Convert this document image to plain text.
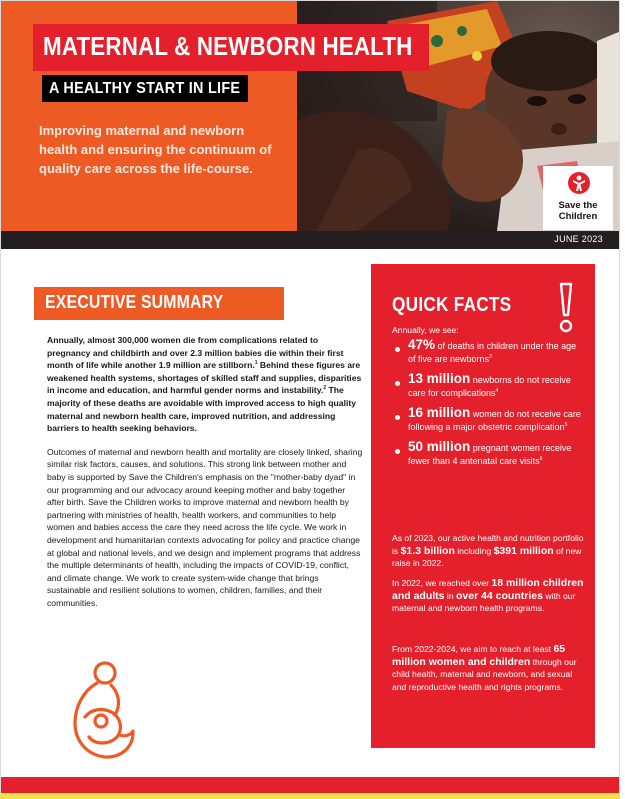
MATERNAL & NEWBORN HEALTH
A HEALTHY START IN LIFE
Improving maternal and newborn health and ensuring the continuum of quality care across the life-course.
Save the Children
JUNE 2023
EXECUTIVE SUMMARY

Annually, almost 300,000 women die from complications related to pregnancy and childbirth and over 2.3 million babies die within their first month of life while another 1.9 million are stillborn.$^1$ Behind these figures are weakened health systems, shortages of skilled staff and supplies, disparities in income and education, and harmful gender norms and instability.$^2$ The majority of these deaths are avoidable with improved access to high quality maternal and newborn health care, improved nutrition, and addressing barriers to health seeking behaviors.

Outcomes of maternal and newborn health and mortality are closely linked, sharing similar risk factors, causes, and solutions. This strong link between mother and baby is supported by Save the Children's emphasis on the "mother-baby dyad" in our programming and our advocacy around keeping mother and baby together after birth. Save the Children works to improve maternal and newborn health by partnering with ministries of health, health workers, and communities to help women and babies access the care they need across the life cycle. We work in development and humanitarian contexts advocating for policy and practice change at global and national levels, and we design and implement programs that address the multiple determinants of health, including the impacts of COVID-19, conflict, and climate change. We work to create system-wide change that brings sustainable and resilient solutions to women, children, families, and their communities.

QUICK FACTS
Annually, we see:
47% of deaths in children under the age of five are newborns$^3$
13 million newborns do not receive care for complications$^4$
16 million women do not receive care following a major obstetric complication$^5$
50 million pregnant women receive fewer than 4 antenatal care visits$^6$
As of 2023, our active health and nutrition portfolio is $1.3 billion including $391 million of new raise in 2022.
In 2022, we reached over 18 million children and adults in over 44 countries with our maternal and newborn health programs.
From 2022-2024, we aim to reach at least 65 million women and children through our child health, maternal and newborn, and sexual and reproductive health and rights programs.
